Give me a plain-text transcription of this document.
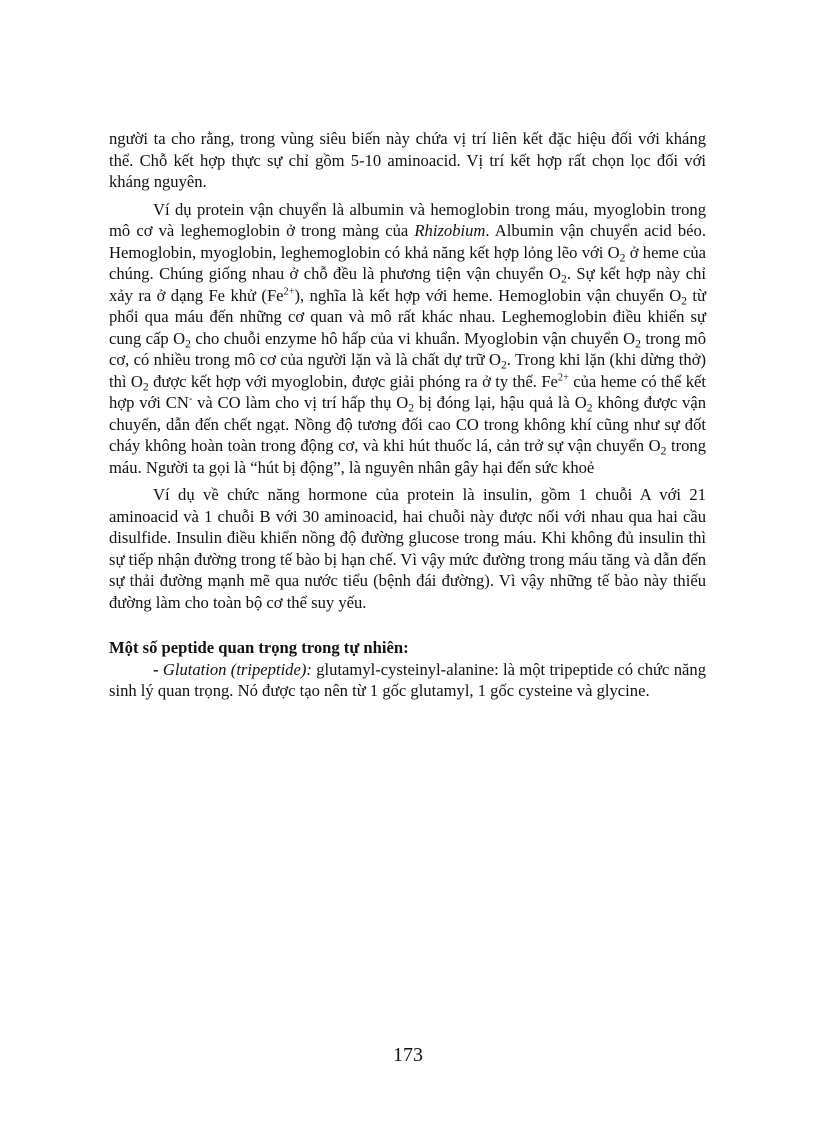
người ta cho rằng, trong vùng siêu biến này chứa vị trí liên kết đặc hiệu đối với kháng thể. Chỗ kết hợp thực sự chỉ gồm 5-10 aminoacid. Vị trí kết hợp rất chọn lọc đối với kháng nguyên.

Ví dụ protein vận chuyển là albumin và hemoglobin trong máu, myoglobin trong mô cơ và leghemoglobin ở trong màng của Rhizobium. Albumin vận chuyển acid béo. Hemoglobin, myoglobin, leghemoglobin có khả năng kết hợp lỏng lẽo với $O_2$ ở heme của chúng. Chúng giống nhau ở chỗ đều là phương tiện vận chuyển $O_2$. Sự kết hợp này chỉ xảy ra ở dạng Fe khử $(Fe^{2+})$, nghĩa là kết hợp với heme. Hemoglobin vận chuyển $O_2$ từ phổi qua máu đến những cơ quan và mô rất khác nhau. Leghemoglobin điều khiển sự cung cấp $O_2$ cho chuỗi enzyme hô hấp của vi khuẩn. Myoglobin vận chuyển $O_2$ trong mô cơ, có nhiều trong mô cơ của người lặn và là chất dự trữ $O_2$. Trong khi lặn (khi dừng thở) thì $O_2$ được kết hợp với myoglobin, được giải phóng ra ở ty thể. $Fe^{2+}$ của heme có thể kết hợp với CN- và CO làm cho vị trí hấp thụ $O_2$ bị đóng lại, hậu quả là $O_2$ không được vận chuyển, dẫn đến chết ngạt. Nồng độ tương đối cao CO trong không khí cũng như sự đốt cháy không hoàn toàn trong động cơ, và khi hút thuốc lá, cản trở sự vận chuyển $O_2$ trong máu. Người ta gọi là “hút bị động”, là nguyên nhân gây hại đến sức khoẻ

Ví dụ về chức năng hormone của protein là insulin, gồm 1 chuỗi A với 21 aminoacid và 1 chuỗi B với 30 aminoacid, hai chuỗi này được nối với nhau qua hai cầu disulfide. Insulin điều khiển nồng độ đường glucose trong máu. Khi không đủ insulin thì sự tiếp nhận đường trong tế bào bị hạn chế. Vì vậy mức đường trong máu tăng và dẫn đến sự thải đường mạnh mẽ qua nước tiểu (bệnh đái đường). Vì vậy những tế bào này thiếu đường làm cho toàn bộ cơ thể suy yếu.

Một số peptide quan trọng trong tự nhiên:

- Glutation (tripeptide): glutamyl-cysteinyl-alanine: là một tripeptide có chức năng sinh lý quan trọng. Nó được tạo nên từ 1 gốc glutamyl, 1 gốc cysteine và glycine.

173
